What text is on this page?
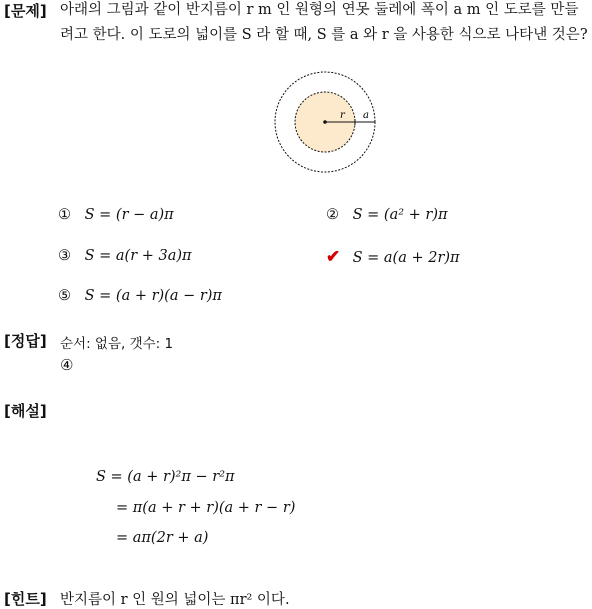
[문제] 아래의 그림과 같이 반지름이 r m 인 원형의 연못 둘레에 폭이 a m 인 도로를 만들려고 한다. 이 도로의 넓이를 S 라 할 때, S 를 a 와 r 을 사용한 식으로 나타낸 것은?
r a
① S = (r − a)π	② S = (a² + r)π
③ S = a(r + 3a)π	✔ S = a(a + 2r)π
⑤ S = (a + r)(a − r)π
[정답] 순서: 없음, 갯수: 1
④
[해설]
S = (a + r)²π − r²π
= π(a + r + r)(a + r − r)
= aπ(2r + a)
[힌트] 반지름이 r 인 원의 넓이는 πr² 이다.
